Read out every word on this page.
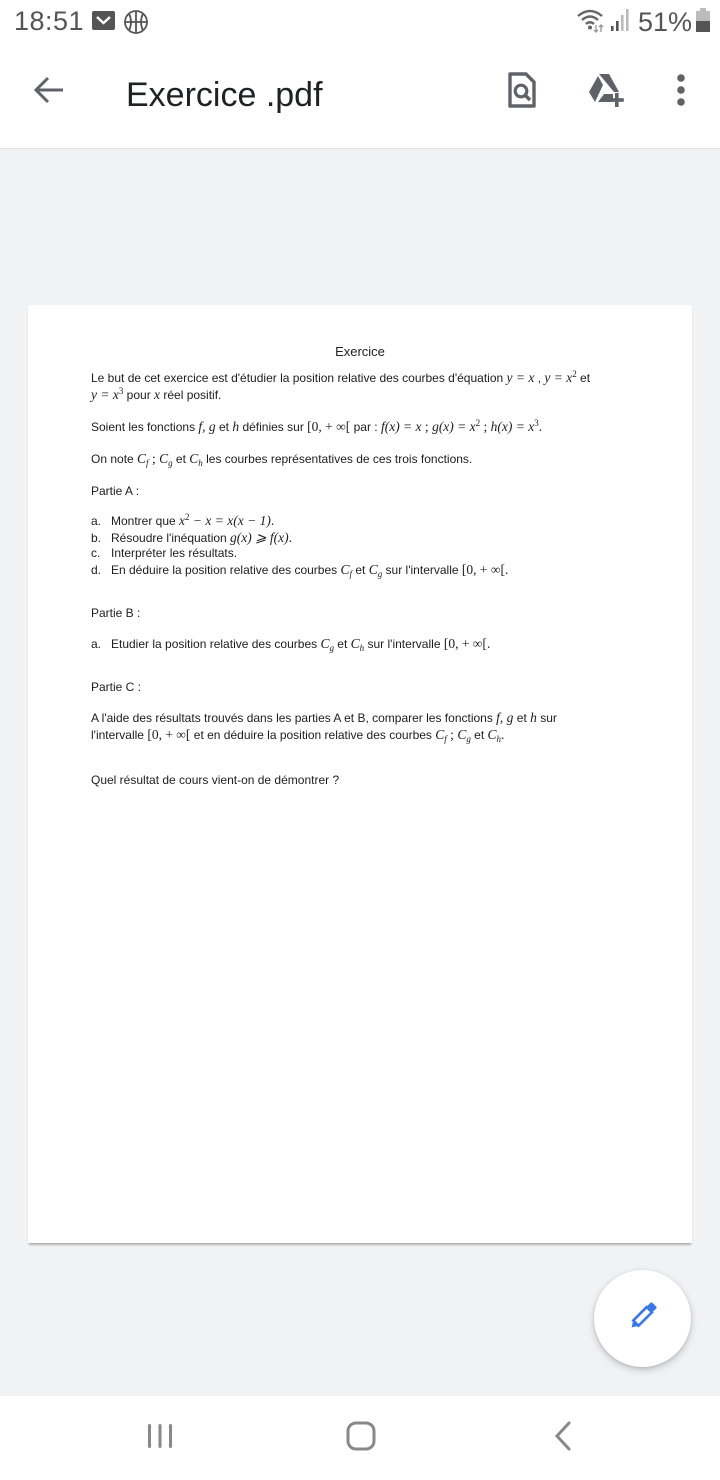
18:51	51%
Exercice .pdf
Exercice
Le but de cet exercice est d'étudier la position relative des courbes d'équation y = x , $y = x^2$ et
$y = x^3$ pour x réel positif.
Soient les fonctions f, g et h définies sur [0, + ∞[ par : f(x) = x ; $g(x) = x^2$ ; $h(x) = x^3$.
On note $C_f$ ; $C_g$ et $C_h$ les courbes représentatives de ces trois fonctions.
Partie A :
a. Montrer que $x^2 - x = x(x - 1)$.
b. Résoudre l'inéquation g(x) ⩾ f(x).
c. Interpréter les résultats.
d. En déduire la position relative des courbes $C_f$ et $C_g$ sur l'intervalle [0, + ∞[.
Partie B :
a. Etudier la position relative des courbes $C_g$ et $C_h$ sur l'intervalle [0, + ∞[.
Partie C :
A l'aide des résultats trouvés dans les parties A et B, comparer les fonctions f, g et h sur
l'intervalle [0, + ∞[ et en déduire la position relative des courbes $C_f$ ; $C_g$ et $C_h$.
Quel résultat de cours vient-on de démontrer ?
